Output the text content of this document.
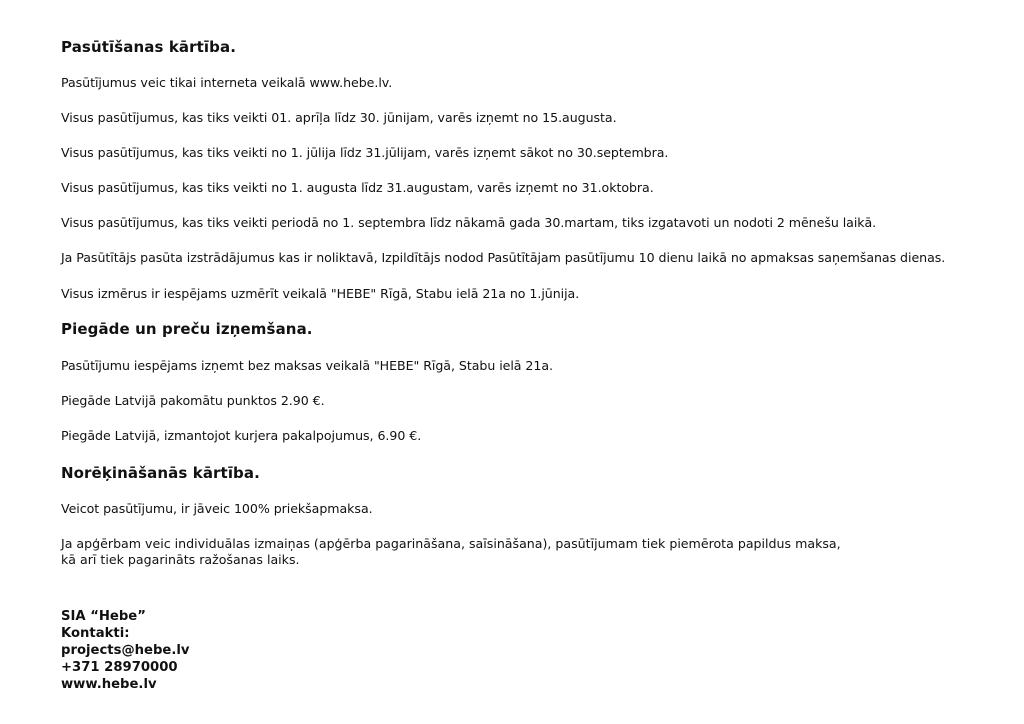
Pasūtīšanas kārtība.
Pasūtījumus veic tikai interneta veikalā www.hebe.lv.
Visus pasūtījumus, kas tiks veikti 01. aprīļa līdz 30. jūnijam, varēs izņemt no 15.augusta.
Visus pasūtījumus, kas tiks veikti no 1. jūlija līdz 31.jūlijam, varēs izņemt sākot no 30.septembra.
Visus pasūtījumus, kas tiks veikti no 1. augusta līdz 31.augustam, varēs izņemt no 31.oktobra.
Visus pasūtījumus, kas tiks veikti periodā no 1. septembra līdz nākamā gada 30.martam, tiks izgatavoti un nodoti 2 mēnešu laikā.
Ja Pasūtītājs pasūta izstrādājumus kas ir noliktavā, Izpildītājs nodod Pasūtītājam pasūtījumu 10 dienu laikā no apmaksas saņemšanas dienas.
Visus izmērus ir iespējams uzmērīt veikalā "HEBE" Rīgā, Stabu ielā 21a no 1.jūnija.
Piegāde un preču izņemšana.
Pasūtījumu iespējams izņemt bez maksas veikalā "HEBE" Rīgā, Stabu ielā 21a.
Piegāde Latvijā pakomātu punktos 2.90 €.
Piegāde Latvijā, izmantojot kurjera pakalpojumus, 6.90 €.
Norēķināšanās kārtība.
Veicot pasūtījumu, ir jāveic 100% priekšapmaksa.
Ja apģērbam veic individuālas izmaiņas (apģērba pagarināšana, saīsināšana), pasūtījumam tiek piemērota papildus maksa,
kā arī tiek pagarināts ražošanas laiks.
SIA “Hebe”
Kontakti:
projects@hebe.lv
+371 28970000
www.hebe.lv
